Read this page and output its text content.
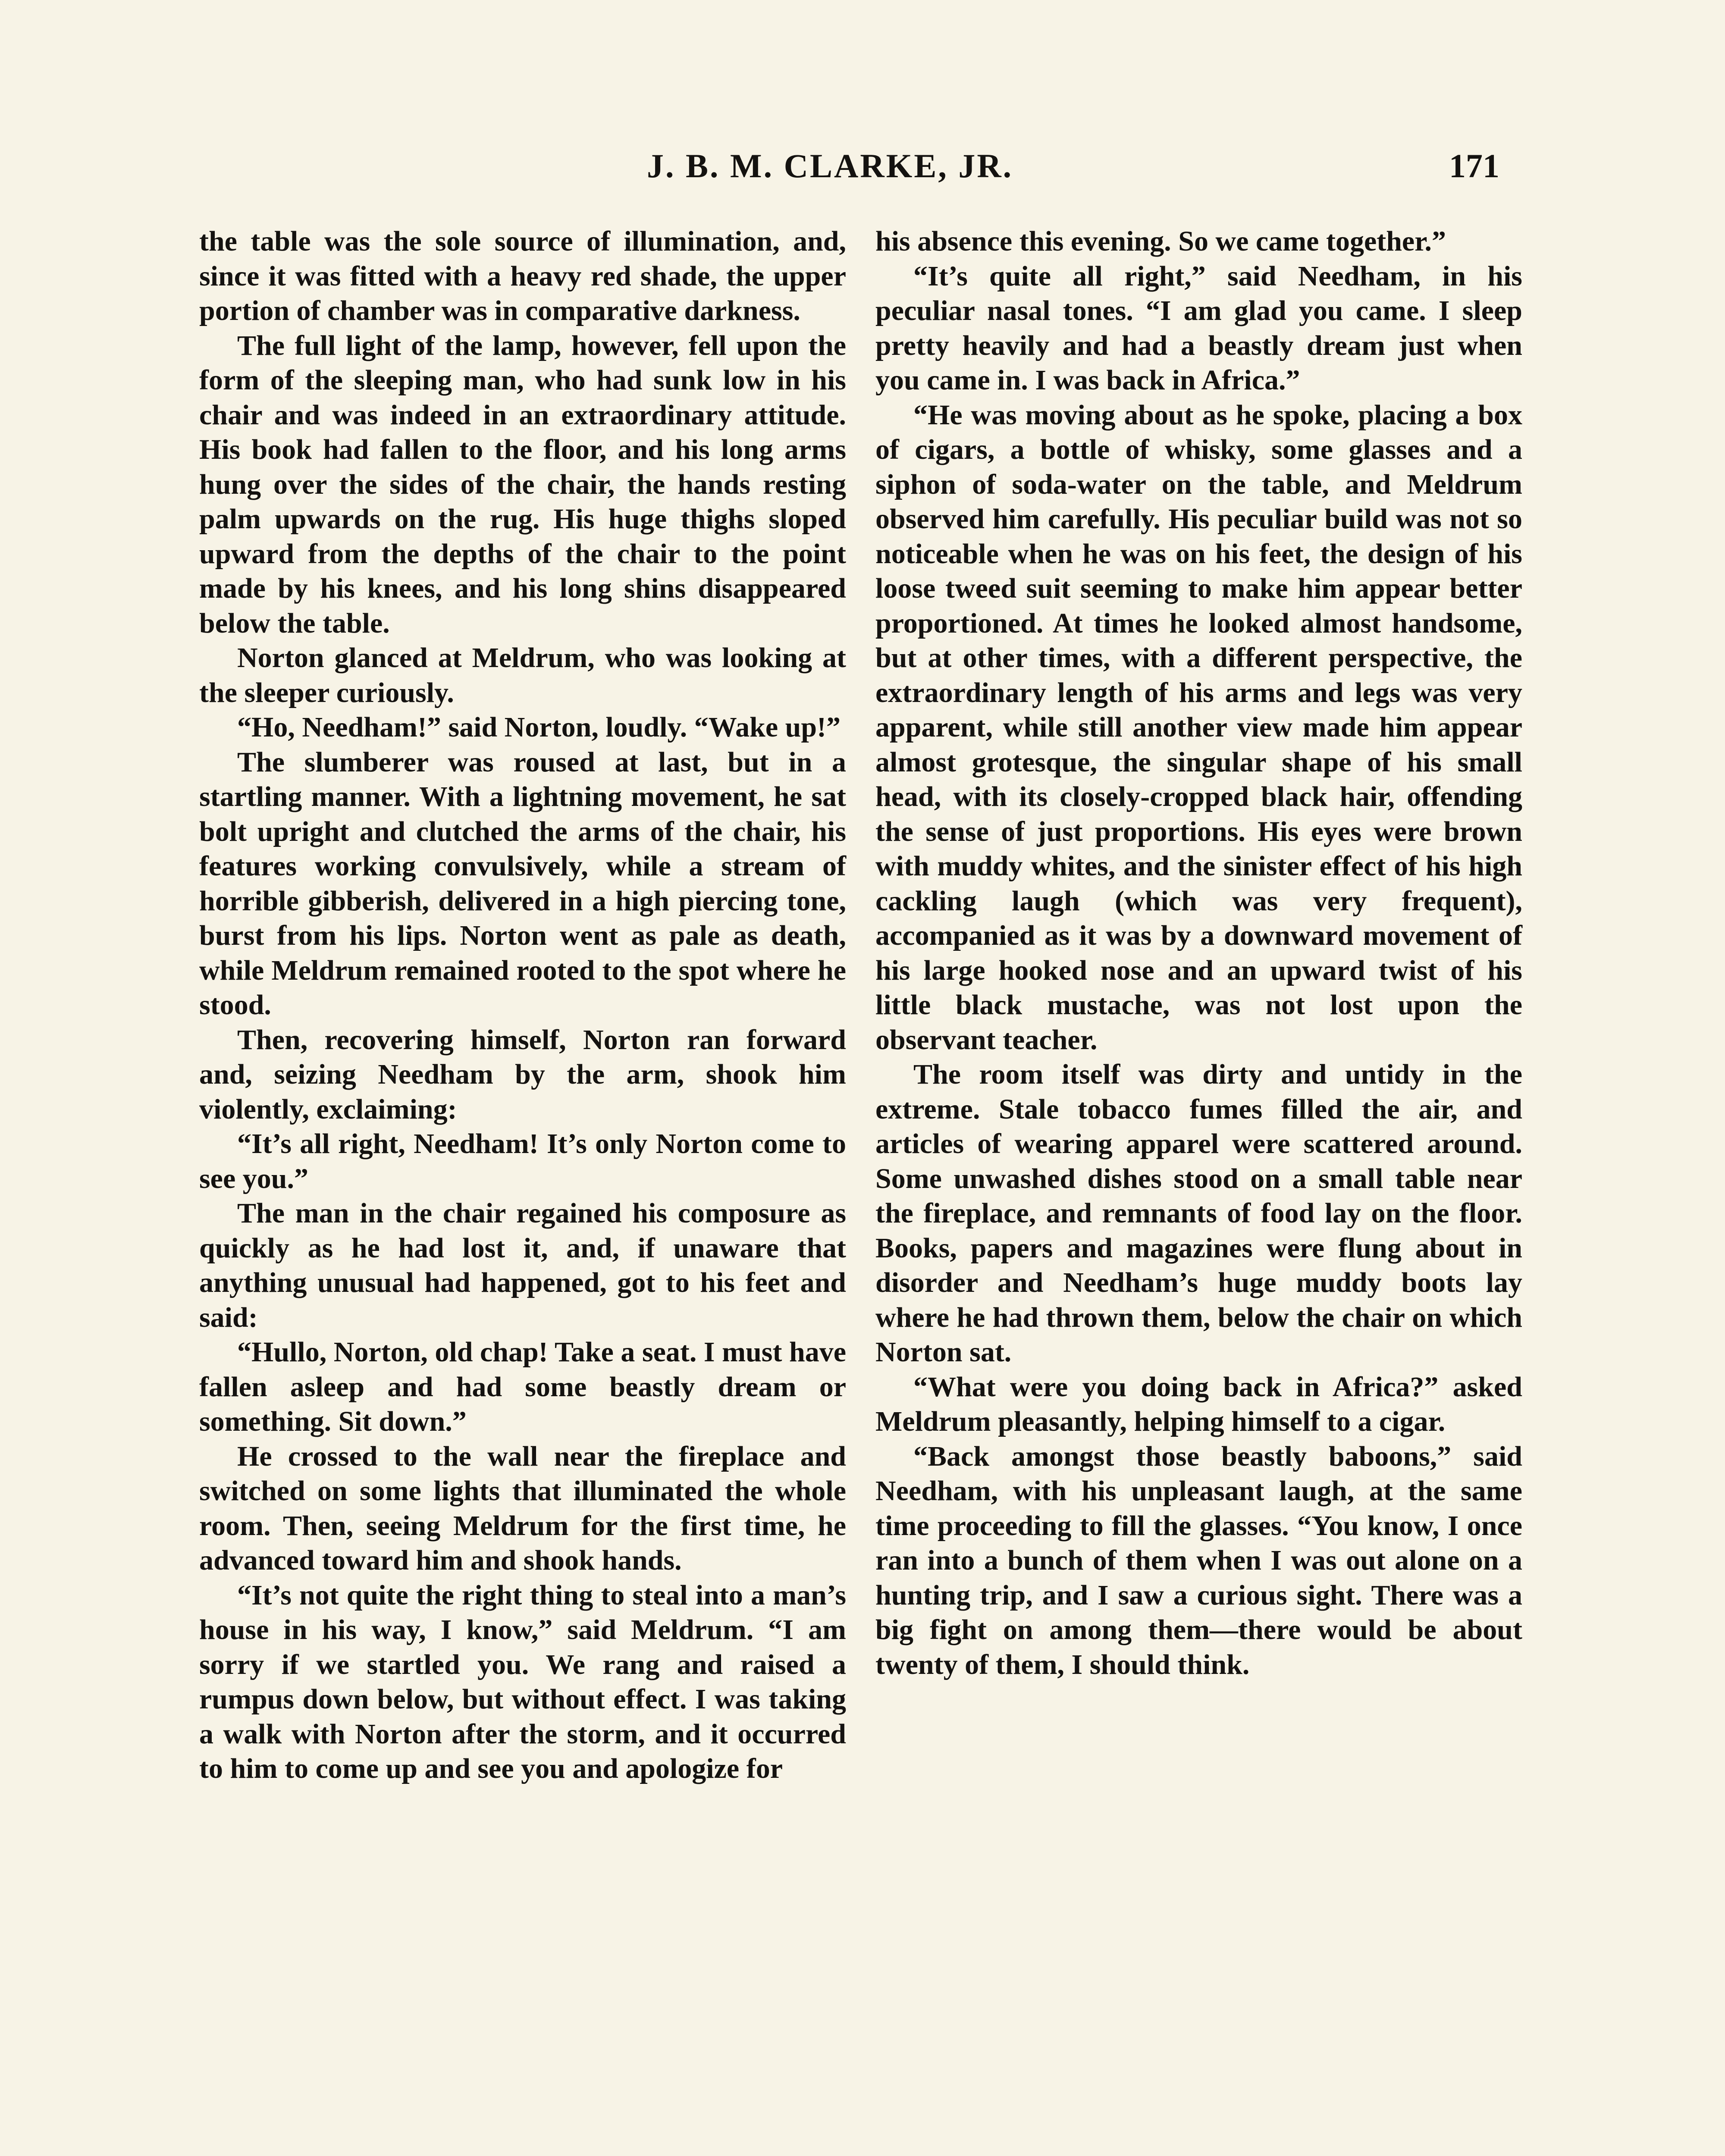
J. B. M. CLARKE, JR.	171

the table was the sole source of illumination, and, since it was fitted with a heavy red shade, the upper portion of chamber was in comparative darkness.

The full light of the lamp, however, fell upon the form of the sleeping man, who had sunk low in his chair and was indeed in an extraordinary attitude. His book had fallen to the floor, and his long arms hung over the sides of the chair, the hands resting palm upwards on the rug. His huge thighs sloped upward from the depths of the chair to the point made by his knees, and his long shins disappeared below the table.

Norton glanced at Meldrum, who was looking at the sleeper curiously.

“Ho, Needham!” said Norton, loudly. “Wake up!”

The slumberer was roused at last, but in a startling manner. With a lightning movement, he sat bolt upright and clutched the arms of the chair, his features working convulsively, while a stream of horrible gibberish, delivered in a high piercing tone, burst from his lips. Norton went as pale as death, while Meldrum remained rooted to the spot where he stood.

Then, recovering himself, Norton ran forward and, seizing Needham by the arm, shook him violently, exclaiming:

“It’s all right, Needham! It’s only Norton come to see you.”

The man in the chair regained his composure as quickly as he had lost it, and, if unaware that anything unusual had happened, got to his feet and said:

“Hullo, Norton, old chap! Take a seat. I must have fallen asleep and had some beastly dream or something. Sit down.”

He crossed to the wall near the fireplace and switched on some lights that illuminated the whole room. Then, seeing Meldrum for the first time, he advanced toward him and shook hands.

“It’s not quite the right thing to steal into a man’s house in his way, I know,” said Meldrum. “I am sorry if we startled you. We rang and raised a rumpus down below, but without effect. I was taking a walk with Norton after the storm, and it occurred to him to come up and see you and apologize for

his absence this evening. So we came together.”

“It’s quite all right,” said Needham, in his peculiar nasal tones. “I am glad you came. I sleep pretty heavily and had a beastly dream just when you came in. I was back in Africa.”

“He was moving about as he spoke, placing a box of cigars, a bottle of whisky, some glasses and a siphon of soda-water on the table, and Meldrum observed him carefully. His peculiar build was not so noticeable when he was on his feet, the design of his loose tweed suit seeming to make him appear better proportioned. At times he looked almost handsome, but at other times, with a different perspective, the extraordinary length of his arms and legs was very apparent, while still another view made him appear almost grotesque, the singular shape of his small head, with its closely-cropped black hair, offending the sense of just proportions. His eyes were brown with muddy whites, and the sinister effect of his high cackling laugh (which was very frequent), accompanied as it was by a downward movement of his large hooked nose and an upward twist of his little black mustache, was not lost upon the observant teacher.

The room itself was dirty and untidy in the extreme. Stale tobacco fumes filled the air, and articles of wearing apparel were scattered around. Some unwashed dishes stood on a small table near the fireplace, and remnants of food lay on the floor. Books, papers and magazines were flung about in disorder and Needham’s huge muddy boots lay where he had thrown them, below the chair on which Norton sat.

“What were you doing back in Africa?” asked Meldrum pleasantly, helping himself to a cigar.

“Back amongst those beastly baboons,” said Needham, with his unpleasant laugh, at the same time proceeding to fill the glasses. “You know, I once ran into a bunch of them when I was out alone on a hunting trip, and I saw a curious sight. There was a big fight on among them—there would be about twenty of them, I should think.
